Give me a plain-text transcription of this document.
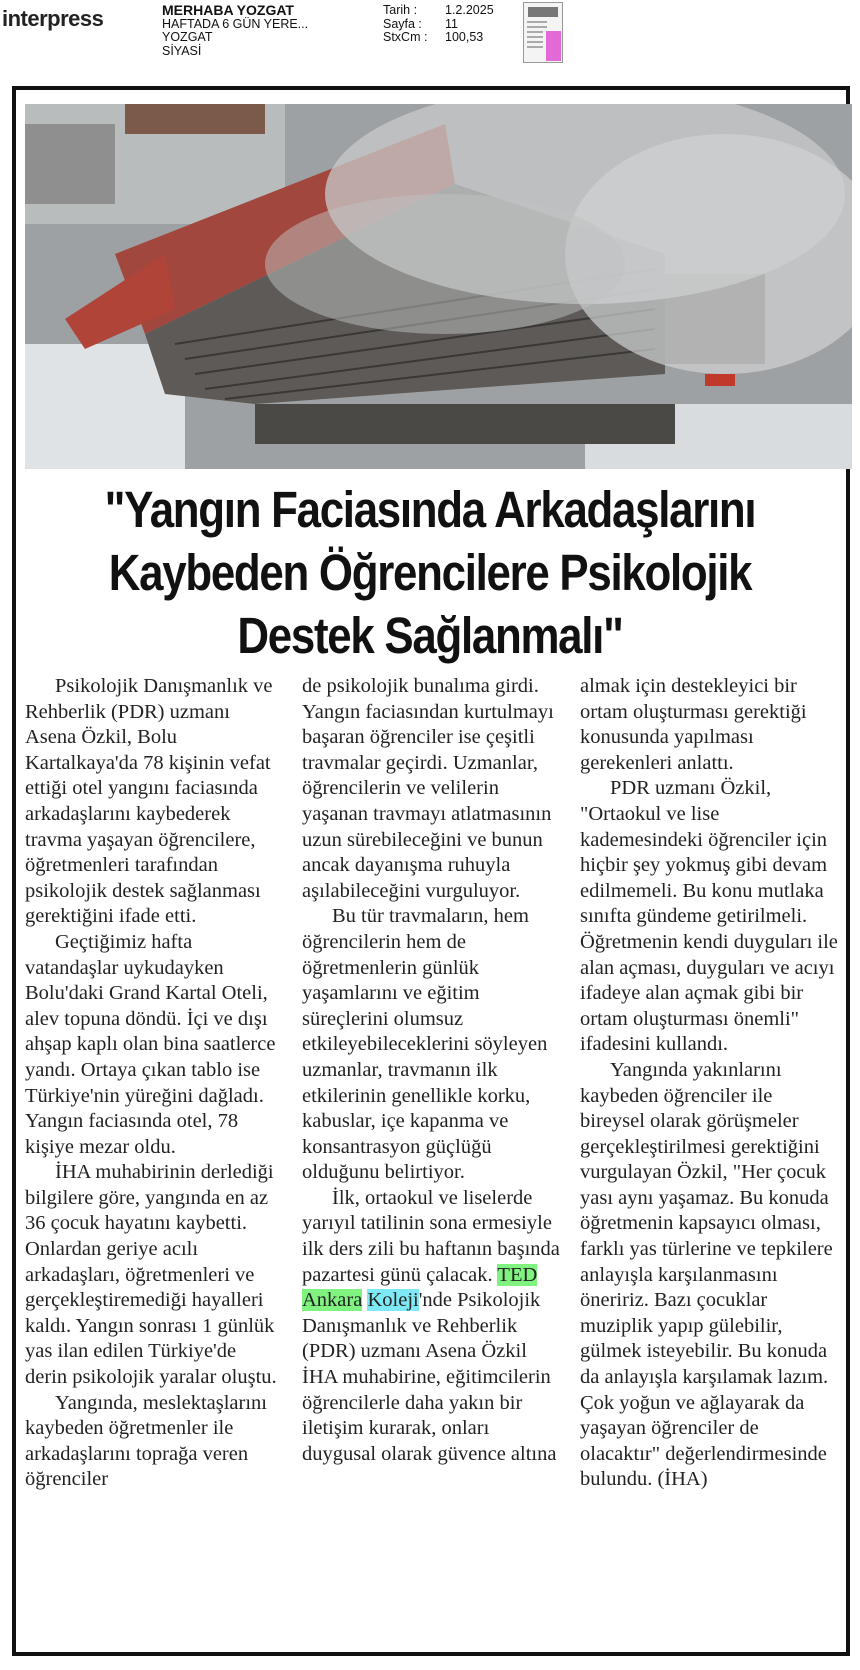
interpress	MERHABA YOZGAT
HAFTADA 6 GÜN YERE...
YOZGAT
SİYASİ
Tarih :	1.2.2025
Sayfa :	11
StxCm :	100,53
"Yangın Faciasında Arkadaşlarını
Kaybeden Öğrencilere Psikolojik
Destek Sağlanmalı"

Psikolojik Danışmanlık ve Rehberlik (PDR) uzmanı Asena Özkil, Bolu Kartalkaya'da 78 kişinin vefat ettiği otel yangını faciasında arkadaşlarını kaybederek travma yaşayan öğrencilere, öğretmenleri tarafından psikolojik destek sağlanması gerektiğini ifade etti.

Geçtiğimiz hafta vatandaşlar uykudayken Bolu'daki Grand Kartal Oteli, alev topuna döndü. İçi ve dışı ahşap kaplı olan bina saatlerce yandı. Ortaya çıkan tablo ise Türkiye'nin yüreğini dağladı. Yangın faciasında otel, 78 kişiye mezar oldu.

İHA muhabirinin derlediği bilgilere göre, yangında en az 36 çocuk hayatını kaybetti. Onlardan geriye acılı arkadaşları, öğretmenleri ve gerçekleştiremediği hayalleri kaldı. Yangın sonrası 1 günlük yas ilan edilen Türkiye'de derin psikolojik yaralar oluştu.

Yangında, meslektaşlarını kaybeden öğretmenler ile arkadaşlarını toprağa veren öğrenciler

de psikolojik bunalıma girdi. Yangın faciasından kurtulmayı başaran öğrenciler ise çeşitli travmalar geçirdi. Uzmanlar, öğrencilerin ve velilerin yaşanan travmayı atlatmasının uzun sürebileceğini ve bunun ancak dayanışma ruhuyla aşılabileceğini vurguluyor.

Bu tür travmaların, hem öğrencilerin hem de öğretmenlerin günlük yaşamlarını ve eğitim süreçlerini olumsuz etkileyebileceklerini söyleyen uzmanlar, travmanın ilk etkilerinin genellikle korku, kabuslar, içe kapanma ve konsantrasyon güçlüğü olduğunu belirtiyor.

İlk, ortaokul ve liselerde yarıyıl tatilinin sona ermesiyle ilk ders zili bu haftanın başında pazartesi günü çalacak. TED Ankara Koleji'nde Psikolojik Danışmanlık ve Rehberlik (PDR) uzmanı Asena Özkil İHA muhabirine, eğitimcilerin öğrencilerle daha yakın bir iletişim kurarak, onları duygusal olarak güvence altına

almak için destekleyici bir ortam oluşturması gerektiği konusunda yapılması gerekenleri anlattı.

PDR uzmanı Özkil, "Ortaokul ve lise kademesindeki öğrenciler için hiçbir şey yokmuş gibi devam edilmemeli. Bu konu mutlaka sınıfta gündeme getirilmeli. Öğretmenin kendi duyguları ile alan açması, duyguları ve acıyı ifadeye alan açmak gibi bir ortam oluşturması önemli" ifadesini kullandı.

Yangında yakınlarını kaybeden öğrenciler ile bireysel olarak görüşmeler gerçekleştirilmesi gerektiğini vurgulayan Özkil, "Her çocuk yası aynı yaşamaz. Bu konuda öğretmenin kapsayıcı olması, farklı yas türlerine ve tepkilere anlayışla karşılanmasını öneririz. Bazı çocuklar muziplik yapıp gülebilir, gülmek isteyebilir. Bu konuda da anlayışla karşılamak lazım. Çok yoğun ve ağlayarak da yaşayan öğrenciler de olacaktır" değerlendirmesinde bulundu. (İHA)
